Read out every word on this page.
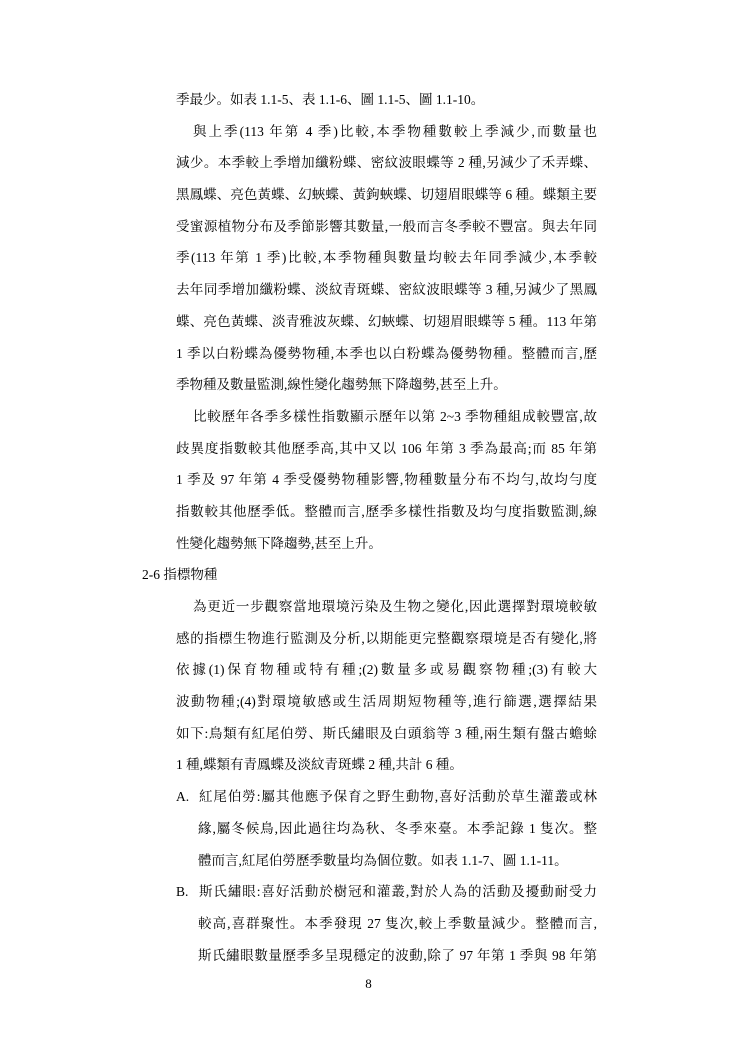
季最少。如表 1.1-5、表 1.1-6、圖 1.1-5、圖 1.1-10。
與上季(113 年第 4 季)比較,本季物種數較上季減少,而數量也
減少。本季較上季增加纖粉蝶、密紋波眼蝶等 2 種,另減少了禾弄蝶、
黑鳳蝶、亮色黃蝶、幻蛺蝶、黃鉤蛺蝶、切翅眉眼蝶等 6 種。蝶類主要
受蜜源植物分布及季節影響其數量,一般而言冬季較不豐富。與去年同
季(113 年第 1 季)比較,本季物種與數量均較去年同季減少,本季較
去年同季增加纖粉蝶、淡紋青斑蝶、密紋波眼蝶等 3 種,另減少了黑鳳
蝶、亮色黃蝶、淡青雅波灰蝶、幻蛺蝶、切翅眉眼蝶等 5 種。113 年第
1 季以白粉蝶為優勢物種,本季也以白粉蝶為優勢物種。整體而言,歷
季物種及數量監測,線性變化趨勢無下降趨勢,甚至上升。
比較歷年各季多樣性指數顯示歷年以第 2~3 季物種組成較豐富,故
歧異度指數較其他歷季高,其中又以 106 年第 3 季為最高;而 85 年第
1 季及 97 年第 4 季受優勢物種影響,物種數量分布不均勻,故均勻度
指數較其他歷季低。整體而言,歷季多樣性指數及均勻度指數監測,線
性變化趨勢無下降趨勢,甚至上升。
2-6 指標物種
為更近一步觀察當地環境污染及生物之變化,因此選擇對環境較敏
感的指標生物進行監測及分析,以期能更完整觀察環境是否有變化,將
依據(1)保育物種或特有種;(2)數量多或易觀察物種;(3)有較大
波動物種;(4)對環境敏感或生活周期短物種等,進行篩選,選擇結果
如下:鳥類有紅尾伯勞、斯氏繡眼及白頭翁等 3 種,兩生類有盤古蟾蜍
1 種,蝶類有青鳳蝶及淡紋青斑蝶 2 種,共計 6 種。
A. 紅尾伯勞:屬其他應予保育之野生動物,喜好活動於草生灌叢或林
緣,屬冬候鳥,因此過往均為秋、冬季來臺。本季記錄 1 隻次。整
體而言,紅尾伯勞歷季數量均為個位數。如表 1.1-7、圖 1.1-11。
B. 斯氏繡眼:喜好活動於樹冠和灌叢,對於人為的活動及擾動耐受力
較高,喜群聚性。本季發現 27 隻次,較上季數量減少。整體而言,
斯氏繡眼數量歷季多呈現穩定的波動,除了 97 年第 1 季與 98 年第
8
